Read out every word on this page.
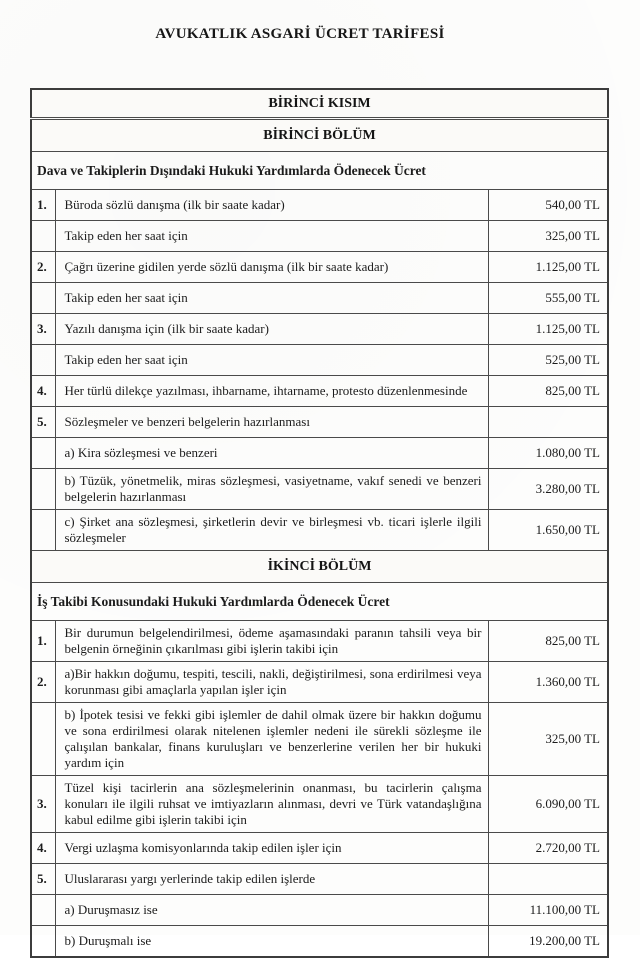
AVUKATLIK ASGARİ ÜCRET TARİFESİ
BİRİNCİ KISIM		
BİRİNCİ BÖLÜM		
Dava ve Takiplerin Dışındaki Hukuki Yardımlarda Ödenecek Ücret		
1.	Büroda sözlü danışma (ilk bir saate kadar)	540,00 TL
	Takip eden her saat için	325,00 TL
2.	Çağrı üzerine gidilen yerde sözlü danışma (ilk bir saate kadar)	1.125,00 TL
	Takip eden her saat için	555,00 TL
3.	Yazılı danışma için (ilk bir saate kadar)	1.125,00 TL
	Takip eden her saat için	525,00 TL
4.	Her türlü dilekçe yazılması, ihbarname, ihtarname, protesto düzenlenmesinde	825,00 TL
5.	Sözleşmeler ve benzeri belgelerin hazırlanması	
	a) Kira sözleşmesi ve benzeri	1.080,00 TL
	b) Tüzük, yönetmelik, miras sözleşmesi, vasiyetname, vakıf senedi ve benzeri belgelerin hazırlanması	3.280,00 TL
	c) Şirket ana sözleşmesi, şirketlerin devir ve birleşmesi vb. ticari işlerle ilgili sözleşmeler	1.650,00 TL
İKİNCİ BÖLÜM		
İş Takibi Konusundaki Hukuki Yardımlarda Ödenecek Ücret		
1.	Bir durumun belgelendirilmesi, ödeme aşamasındaki paranın tahsili veya bir belgenin örneğinin çıkarılması gibi işlerin takibi için	825,00 TL
2.	a)Bir hakkın doğumu, tespiti, tescili, nakli, değiştirilmesi, sona erdirilmesi veya korunması gibi amaçlarla yapılan işler için	1.360,00 TL
	b) İpotek tesisi ve fekki gibi işlemler de dahil olmak üzere bir hakkın doğumu ve sona erdirilmesi olarak nitelenen işlemler nedeni ile sürekli sözleşme ile çalışılan bankalar, finans kuruluşları ve benzerlerine verilen her bir hukuki yardım için	325,00 TL
3.	Tüzel kişi tacirlerin ana sözleşmelerinin onanması, bu tacirlerin çalışma konuları ile ilgili ruhsat ve imtiyazların alınması, devri ve Türk vatandaşlığına kabul edilme gibi işlerin takibi için	6.090,00 TL
4.	Vergi uzlaşma komisyonlarında takip edilen işler için	2.720,00 TL
5.	Uluslararası yargı yerlerinde takip edilen işlerde	
	a) Duruşmasız ise	11.100,00 TL
	b) Duruşmalı ise	19.200,00 TL
